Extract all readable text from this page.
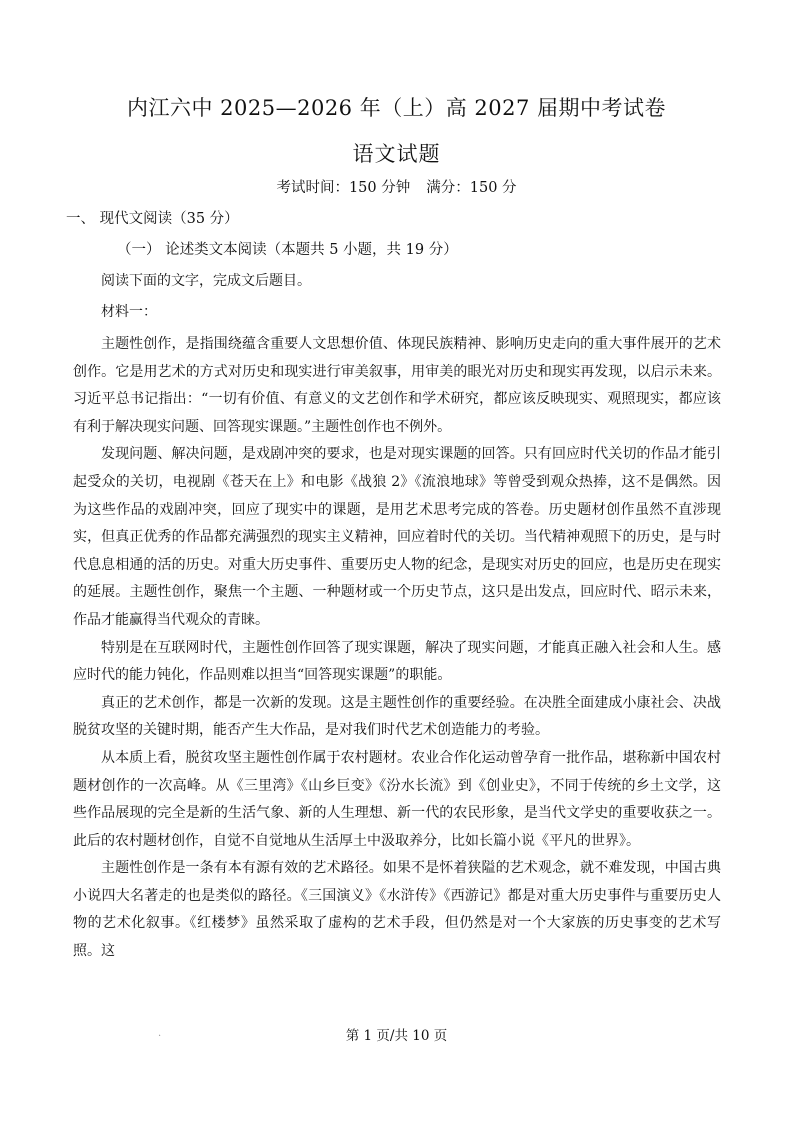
内江六中 2025—2026 年（上）高 2027 届期中考试卷
语文试题
考试时间：150 分钟 满分：150 分
一、 现代文阅读（35 分）
（一） 论述类文本阅读（本题共 5 小题，共 19 分）
阅读下面的文字，完成文后题目。
材料一：

主题性创作，是指围绕蕴含重要人文思想价值、体现民族精神、影响历史走向的重大事件展开的艺术创作。它是用艺术的方式对历史和现实进行审美叙事，用审美的眼光对历史和现实再发现，以启示未来。习近平总书记指出：“一切有价值、有意义的文艺创作和学术研究，都应该反映现实、观照现实，都应该有利于解决现实问题、回答现实课题。”主题性创作也不例外。

发现问题、解决问题，是戏剧冲突的要求，也是对现实课题的回答。只有回应时代关切的作品才能引起受众的关切，电视剧《苍天在上》和电影《战狼 2》《流浪地球》等曾受到观众热捧，这不是偶然。因为这些作品的戏剧冲突，回应了现实中的课题，是用艺术思考完成的答卷。历史题材创作虽然不直涉现实，但真正优秀的作品都充满强烈的现实主义精神，回应着时代的关切。当代精神观照下的历史，是与时代息息相通的活的历史。对重大历史事件、重要历史人物的纪念，是现实对历史的回应，也是历史在现实的延展。主题性创作，聚焦一个主题、一种题材或一个历史节点，这只是出发点，回应时代、昭示未来，作品才能赢得当代观众的青睐。

特别是在互联网时代，主题性创作回答了现实课题，解决了现实问题，才能真正融入社会和人生。感应时代的能力钝化，作品则难以担当“回答现实课题”的职能。

真正的艺术创作，都是一次新的发现。这是主题性创作的重要经验。在决胜全面建成小康社会、决战脱贫攻坚的关键时期，能否产生大作品，是对我们时代艺术创造能力的考验。

从本质上看，脱贫攻坚主题性创作属于农村题材。农业合作化运动曾孕育一批作品，堪称新中国农村题材创作的一次高峰。从《三里湾》《山乡巨变》《汾水长流》到《创业史》，不同于传统的乡土文学，这些作品展现的完全是新的生活气象、新的人生理想、新一代的农民形象，是当代文学史的重要收获之一。此后的农村题材创作，自觉不自觉地从生活厚土中汲取养分，比如长篇小说《平凡的世界》。

主题性创作是一条有本有源有效的艺术路径。如果不是怀着狭隘的艺术观念，就不难发现，中国古典小说四大名著走的也是类似的路径。《三国演义》《水浒传》《西游记》都是对重大历史事件与重要历史人物的艺术化叙事。《红楼梦》虽然采取了虚构的艺术手段，但仍然是对一个大家族的历史事变的艺术写照。这

.	第 1 页/共 10 页
